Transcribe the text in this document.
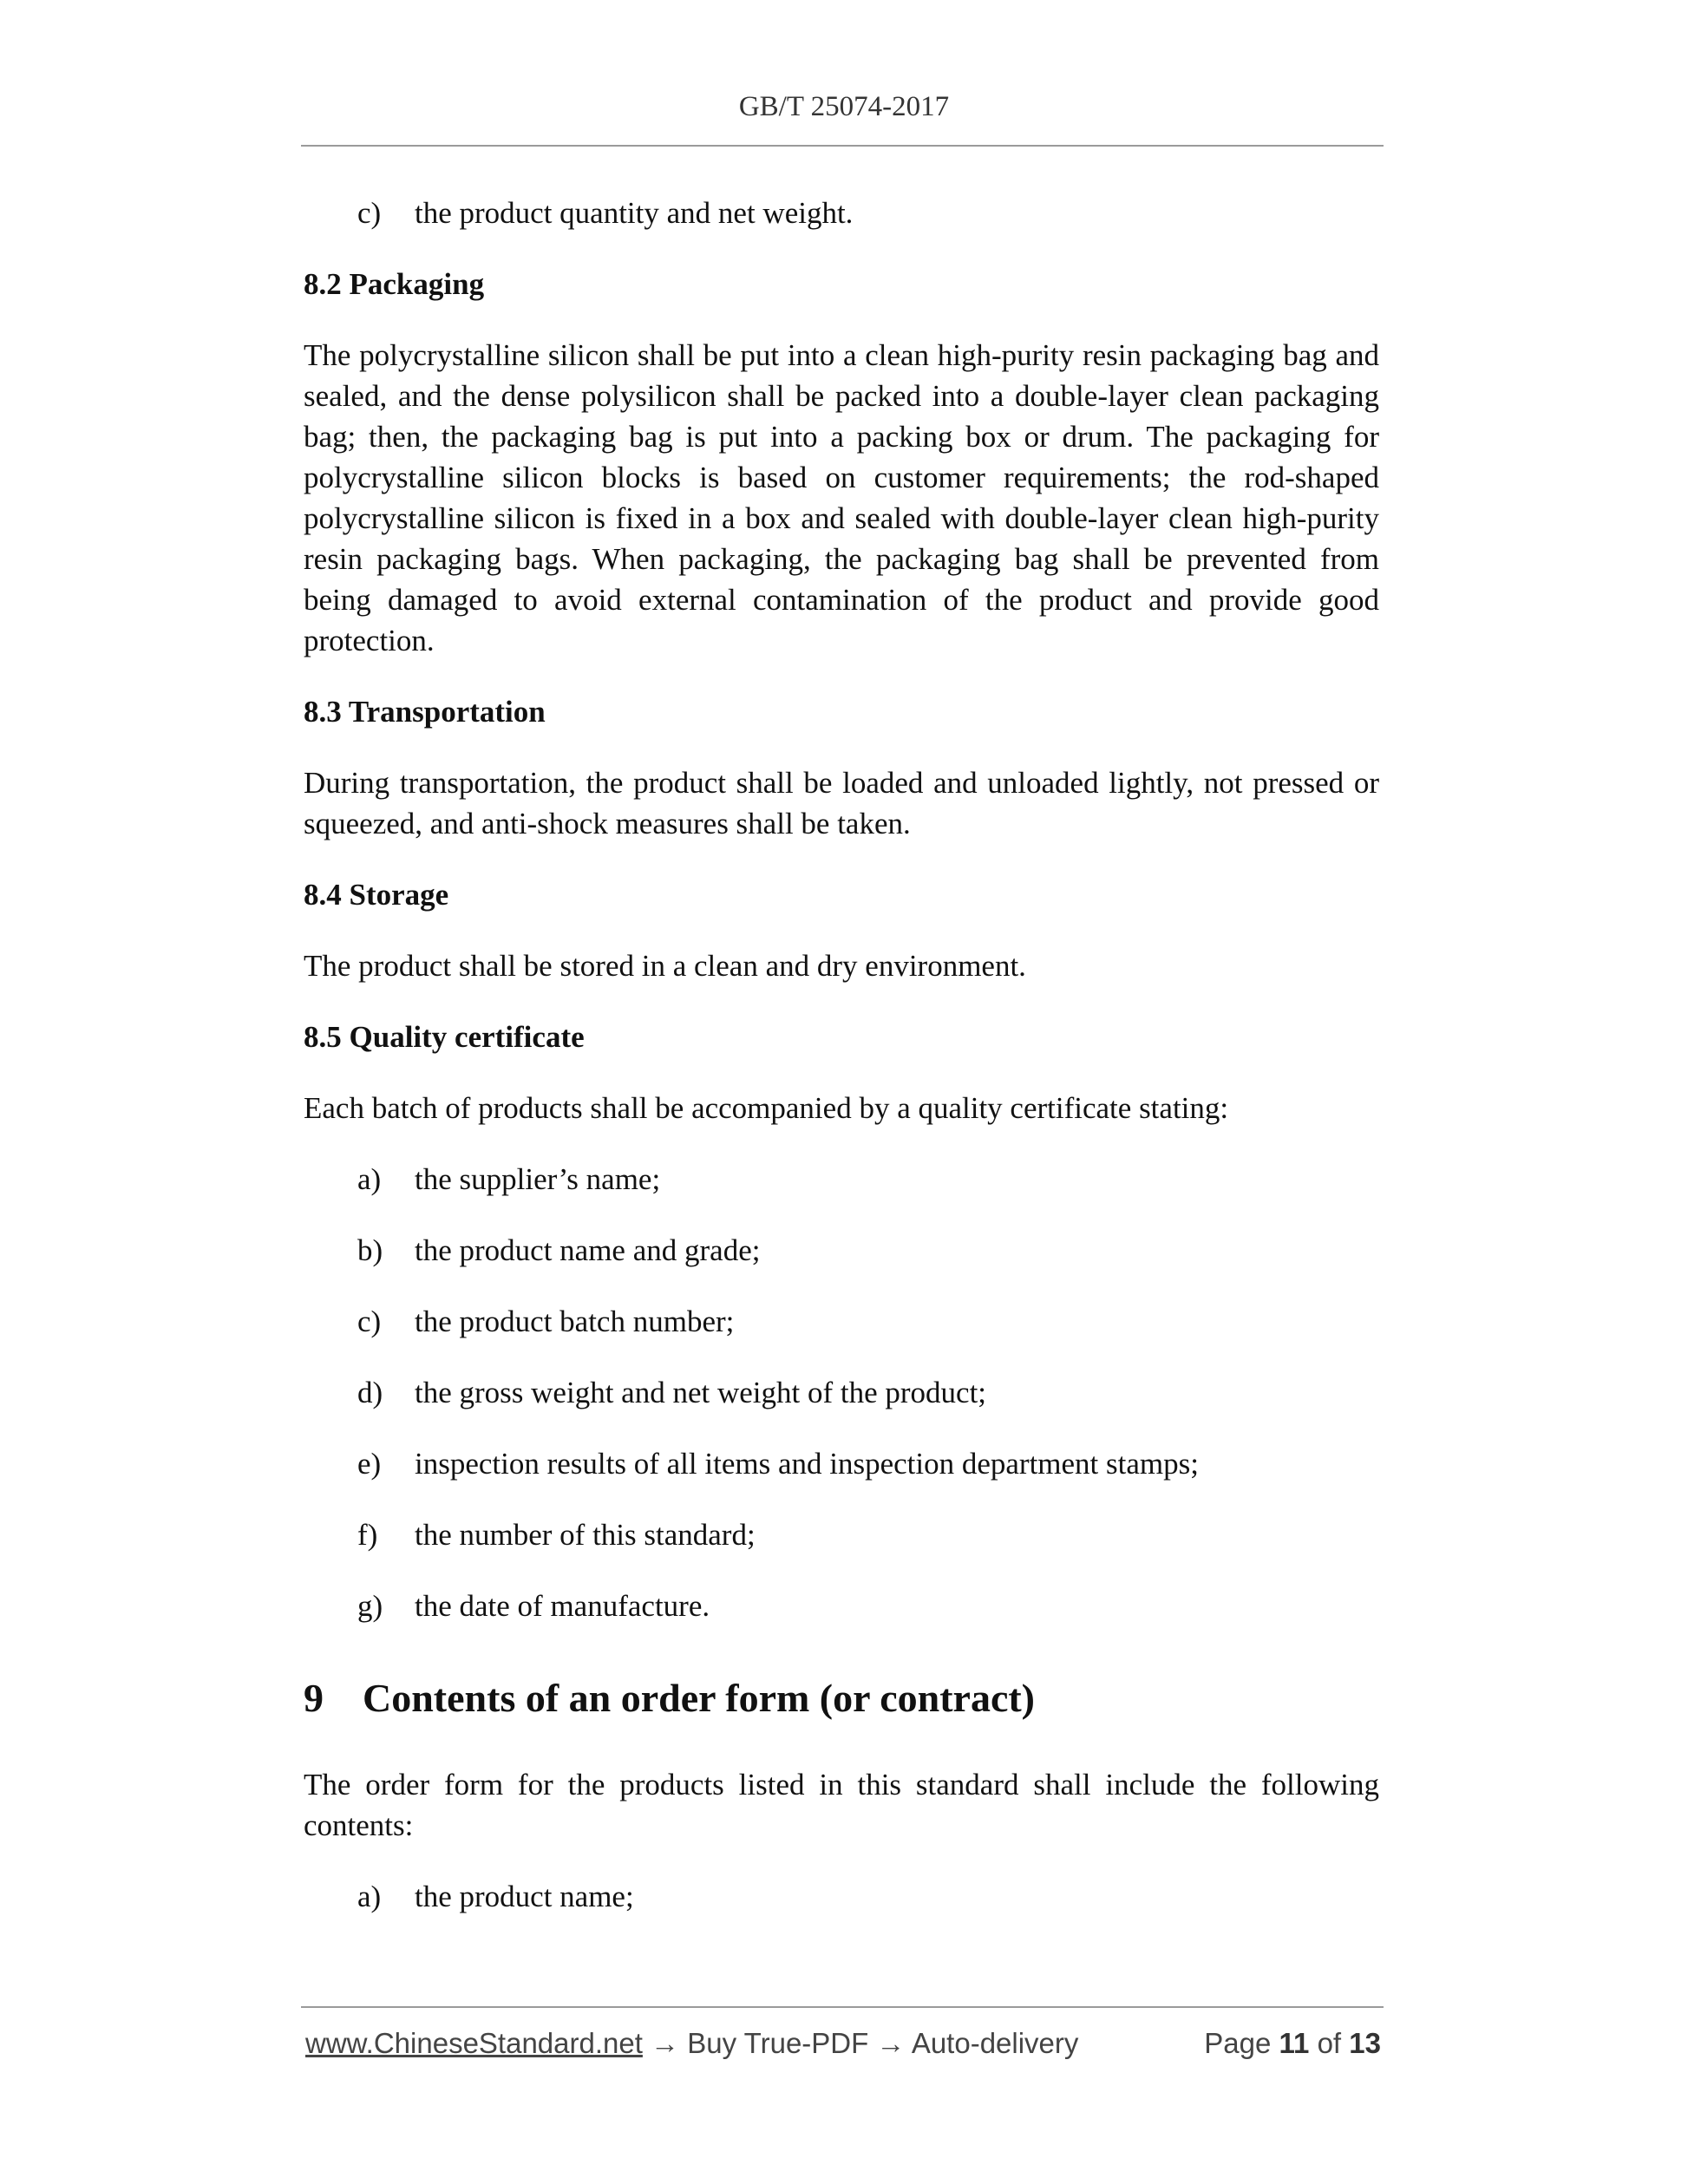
GB/T 25074-2017
c) the product quantity and net weight.
8.2 Packaging

The polycrystalline silicon shall be put into a clean high-purity resin packaging bag and sealed, and the dense polysilicon shall be packed into a double-layer clean packaging bag; then, the packaging bag is put into a packing box or drum. The packaging for polycrystalline silicon blocks is based on customer requirements; the rod-shaped polycrystalline silicon is fixed in a box and sealed with double-layer clean high-purity resin packaging bags. When packaging, the packaging bag shall be prevented from being damaged to avoid external contamination of the product and provide good protection.

8.3 Transportation

During transportation, the product shall be loaded and unloaded lightly, not pressed or squeezed, and anti-shock measures shall be taken.

8.4 Storage

The product shall be stored in a clean and dry environment.

8.5 Quality certificate

Each batch of products shall be accompanied by a quality certificate stating:

a) the supplier’s name;
b) the product name and grade;
c) the product batch number;
d) the gross weight and net weight of the product;
e) inspection results of all items and inspection department stamps;
f) the number of this standard;
g) the date of manufacture.
9 Contents of an order form (or contract)

The order form for the products listed in this standard shall include the following contents:

a) the product name;
www.ChineseStandard.net → Buy True-PDF → Auto-delivery	Page 11 of 13
